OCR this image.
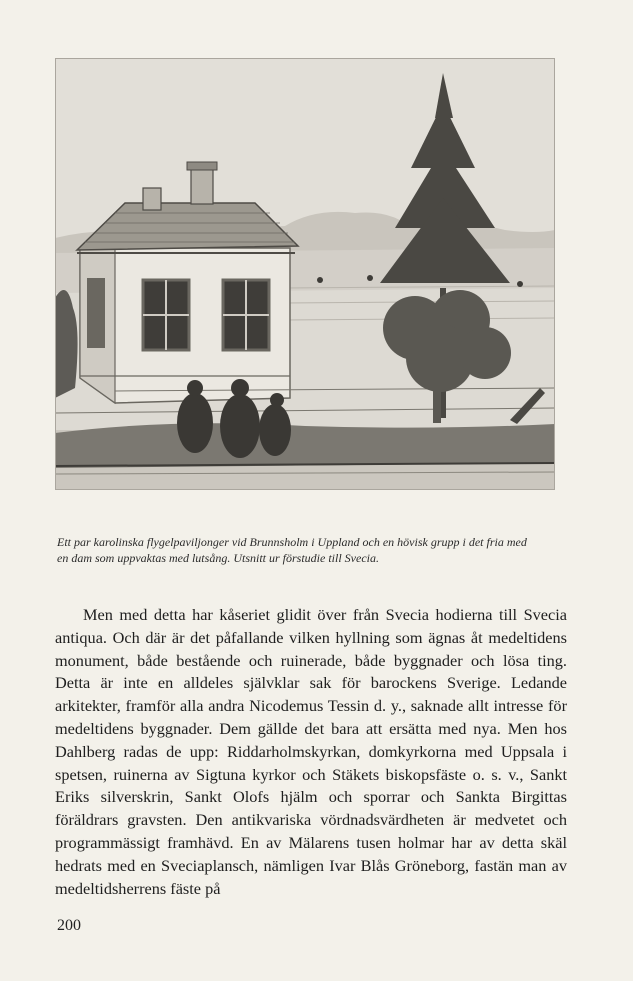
Ett par karolinska flygelpaviljonger vid Brunnsholm i Uppland och en hövisk grupp i det fria med en dam som uppvaktas med lutsång. Utsnitt ur förstudie till Svecia.

Men med detta har kåseriet glidit över från Svecia hodierna till Svecia antiqua. Och där är det påfallande vilken hyllning som ägnas åt medeltidens monument, både bestående och ruinerade, både byggnader och lösa ting. Detta är inte en alldeles självklar sak för barockens Sverige. Ledande arkitekter, framför alla andra Nicodemus Tessin d. y., saknade allt intresse för medeltidens byggnader. Dem gällde det bara att ersätta med nya. Men hos Dahlberg radas de upp: Riddarholmskyrkan, domkyrkorna med Uppsala i spetsen, ruinerna av Sigtuna kyrkor och Stäkets biskopsfäste o. s. v., Sankt Eriks silverskrin, Sankt Olofs hjälm och sporrar och Sankta Birgittas föräldrars gravsten. Den antikvariska vördnadsvärdheten är medvetet och programmässigt framhävd. En av Mälarens tusen holmar har av detta skäl hedrats med en Sveciaplansch, nämligen Ivar Blås Gröneborg, fastän man av medeltidsherrens fäste på

200
